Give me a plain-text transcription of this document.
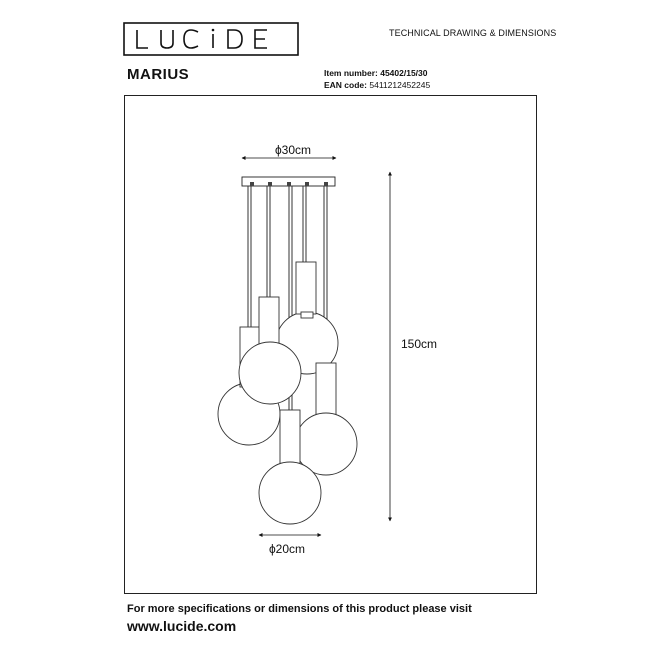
TECHNICAL DRAWING & DIMENSIONS
MARIUS	Item number: 45402/15/30
EAN code: 5411212452245
ϕ30cm
150cm
ϕ20cm
For more specifications or dimensions of this product please visit
www.lucide.com
